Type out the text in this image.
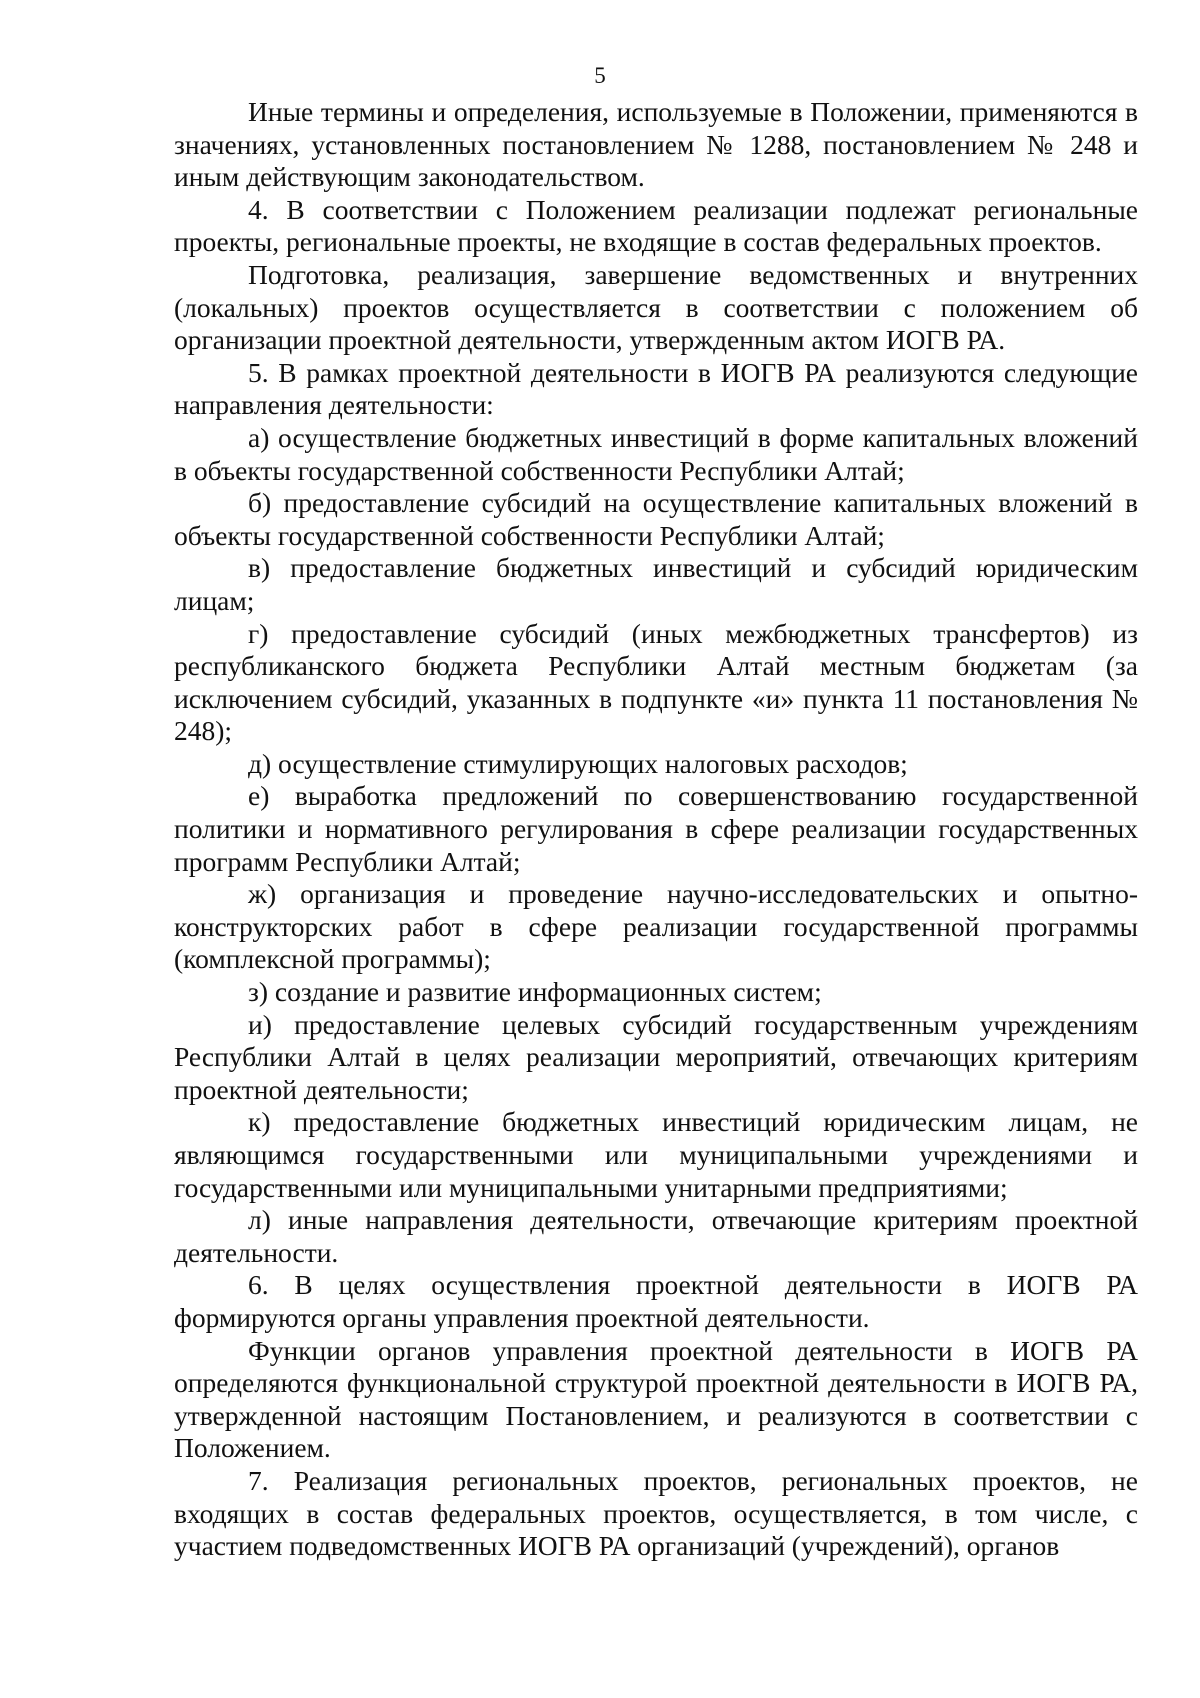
5

Иные термины и определения, используемые в Положении, применяются в значениях, установленных постановлением № 1288, постановлением № 248 и иным действующим законодательством.

4. В соответствии с Положением реализации подлежат региональные проекты, региональные проекты, не входящие в состав федеральных проектов.

Подготовка, реализация, завершение ведомственных и внутренних (локальных) проектов осуществляется в соответствии с положением об организации проектной деятельности, утвержденным актом ИОГВ РА.

5. В рамках проектной деятельности в ИОГВ РА реализуются следующие направления деятельности:

а) осуществление бюджетных инвестиций в форме капитальных вложений в объекты государственной собственности Республики Алтай;

б) предоставление субсидий на осуществление капитальных вложений в объекты государственной собственности Республики Алтай;

в) предоставление бюджетных инвестиций и субсидий юридическим лицам;

г) предоставление субсидий (иных межбюджетных трансфертов) из республиканского бюджета Республики Алтай местным бюджетам (за исключением субсидий, указанных в подпункте «и» пункта 11 постановления № 248);

д) осуществление стимулирующих налоговых расходов;

е) выработка предложений по совершенствованию государственной политики и нормативного регулирования в сфере реализации государственных программ Республики Алтай;

ж) организация и проведение научно-исследовательских и опытно-конструкторских работ в сфере реализации государственной программы (комплексной программы);

з) создание и развитие информационных систем;

и) предоставление целевых субсидий государственным учреждениям Республики Алтай в целях реализации мероприятий, отвечающих критериям проектной деятельности;

к) предоставление бюджетных инвестиций юридическим лицам, не являющимся государственными или муниципальными учреждениями и государственными или муниципальными унитарными предприятиями;

л) иные направления деятельности, отвечающие критериям проектной деятельности.

6. В целях осуществления проектной деятельности в ИОГВ РА формируются органы управления проектной деятельности.

Функции органов управления проектной деятельности в ИОГВ РА определяются функциональной структурой проектной деятельности в ИОГВ РА, утвержденной настоящим Постановлением, и реализуются в соответствии с Положением.

7. Реализация региональных проектов, региональных проектов, не входящих в состав федеральных проектов, осуществляется, в том числе, с участием подведомственных ИОГВ РА организаций (учреждений), органов
